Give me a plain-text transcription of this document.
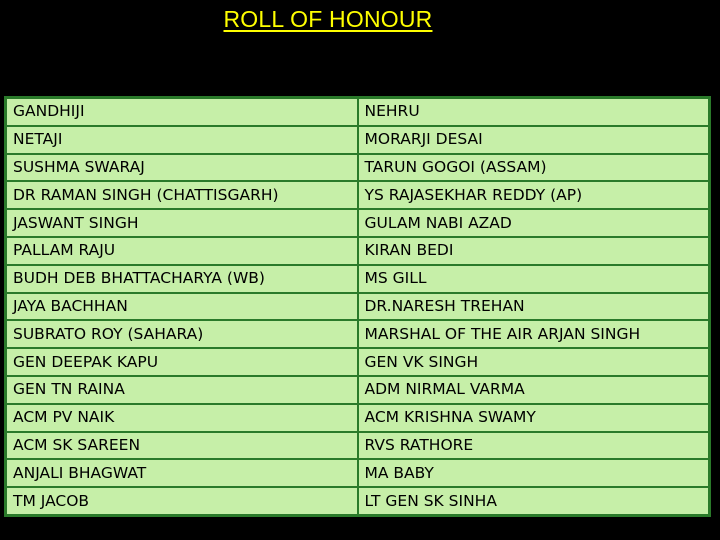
ROLL OF HONOUR
GANDHIJI	NEHRU
NETAJI	MORARJI DESAI
SUSHMA SWARAJ	TARUN GOGOI (ASSAM)
DR RAMAN SINGH (CHATTISGARH)	YS RAJASEKHAR REDDY (AP)
JASWANT SINGH	GULAM NABI AZAD
PALLAM RAJU	KIRAN BEDI
BUDH DEB BHATTACHARYA (WB)	MS GILL
JAYA BACHHAN	DR.NARESH TREHAN
SUBRATO ROY (SAHARA)	MARSHAL OF THE AIR ARJAN SINGH
GEN DEEPAK KAPU	GEN VK SINGH
GEN TN RAINA	ADM NIRMAL VARMA
ACM PV NAIK	ACM KRISHNA SWAMY
ACM SK SAREEN	RVS RATHORE
ANJALI BHAGWAT	MA BABY
TM JACOB	LT GEN SK SINHA
